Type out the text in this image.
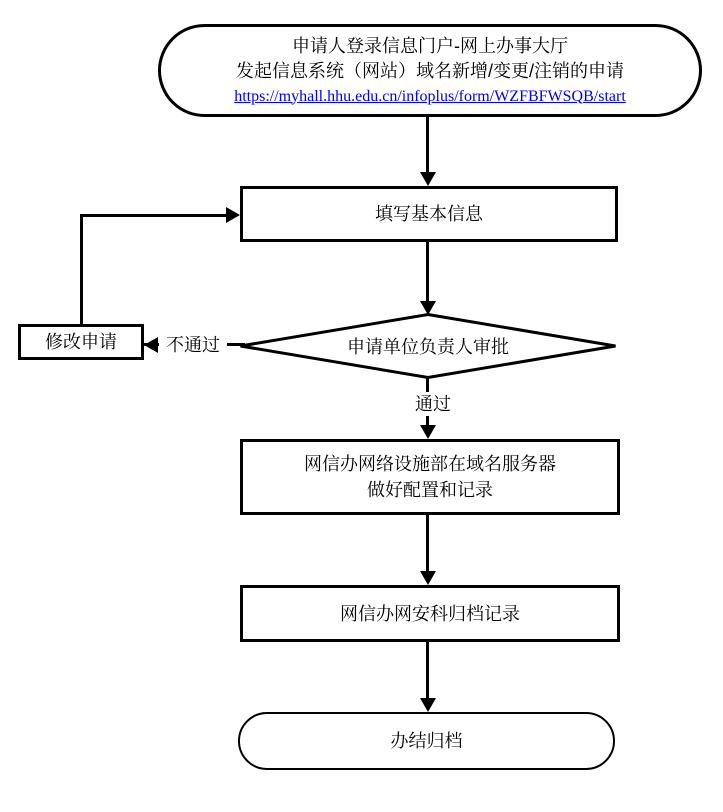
申请人登录信息门户-网上办事大厅
发起信息系统（网站）域名新增/变更/注销的申请
https://myhall.hhu.edu.cn/infoplus/form/WZFBFWSQB/start
填写基本信息
申请单位负责人审批
不通过
修改申请
通过
网信办网络设施部在域名服务器
做好配置和记录
网信办网安科归档记录
办结归档
